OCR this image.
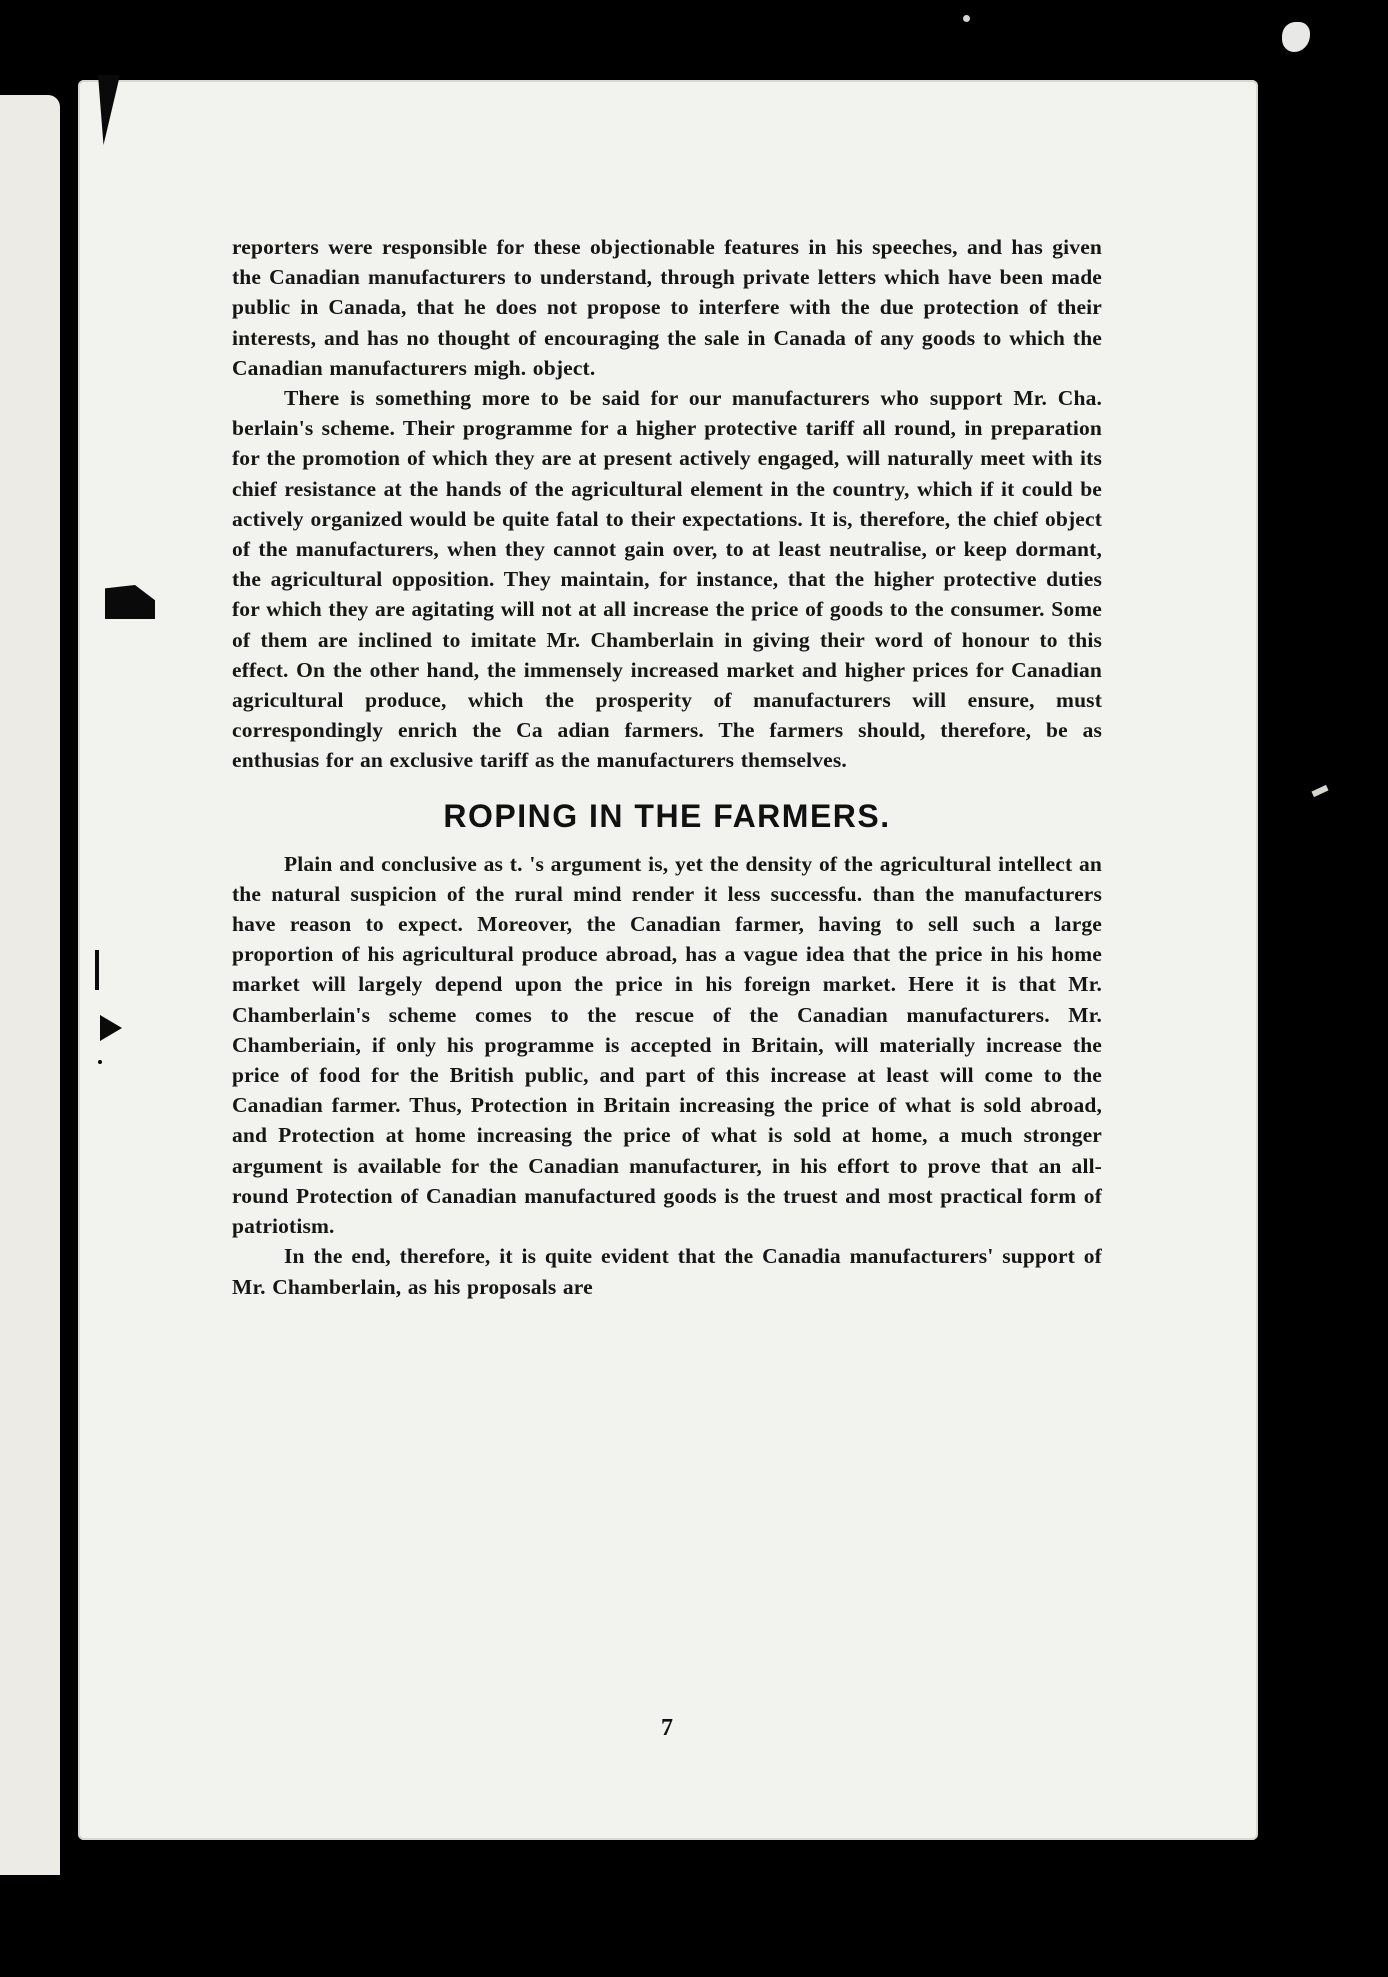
reporters were responsible for these objectionable features in his speeches, and has given the Canadian manufacturers to understand, through private letters which have been made public in Canada, that he does not propose to interfere with the due protection of their interests, and has no thought of encouraging the sale in Canada of any goods to which the Canadian manufacturers migh. object.

There is something more to be said for our manufacturers who support Mr. Cha. berlain's scheme. Their programme for a higher protective tariff all round, in preparation for the promotion of which they are at present actively engaged, will naturally meet with its chief resistance at the hands of the agricultural element in the country, which if it could be actively organized would be quite fatal to their expectations. It is, therefore, the chief object of the manufacturers, when they cannot gain over, to at least neutralise, or keep dormant, the agricultural opposition. They maintain, for instance, that the higher protective duties for which they are agitating will not at all increase the price of goods to the consumer. Some of them are inclined to imitate Mr. Chamberlain in giving their word of honour to this effect. On the other hand, the immensely increased market and higher prices for Canadian agricultural produce, which the prosperity of manufacturers will ensure, must correspondingly enrich the Ca adian farmers. The farmers should, therefore, be as enthusias for an exclusive tariff as the manufacturers themselves.

ROPING IN THE FARMERS.

Plain and conclusive as t. 's argument is, yet the density of the agricultural intellect an the natural suspicion of the rural mind render it less successfu. than the manufacturers have reason to expect. Moreover, the Canadian farmer, having to sell such a large proportion of his agricultural produce abroad, has a vague idea that the price in his home market will largely depend upon the price in his foreign market. Here it is that Mr. Chamberlain's scheme comes to the rescue of the Canadian manufacturers. Mr. Chamberiain, if only his programme is accepted in Britain, will materially increase the price of food for the British public, and part of this increase at least will come to the Canadian farmer. Thus, Protection in Britain increasing the price of what is sold abroad, and Protection at home increasing the price of what is sold at home, a much stronger argument is available for the Canadian manufacturer, in his effort to prove that an all-round Protection of Canadian manufactured goods is the truest and most practical form of patriotism.

In the end, therefore, it is quite evident that the Canadia manufacturers' support of Mr. Chamberlain, as his proposals are

7
